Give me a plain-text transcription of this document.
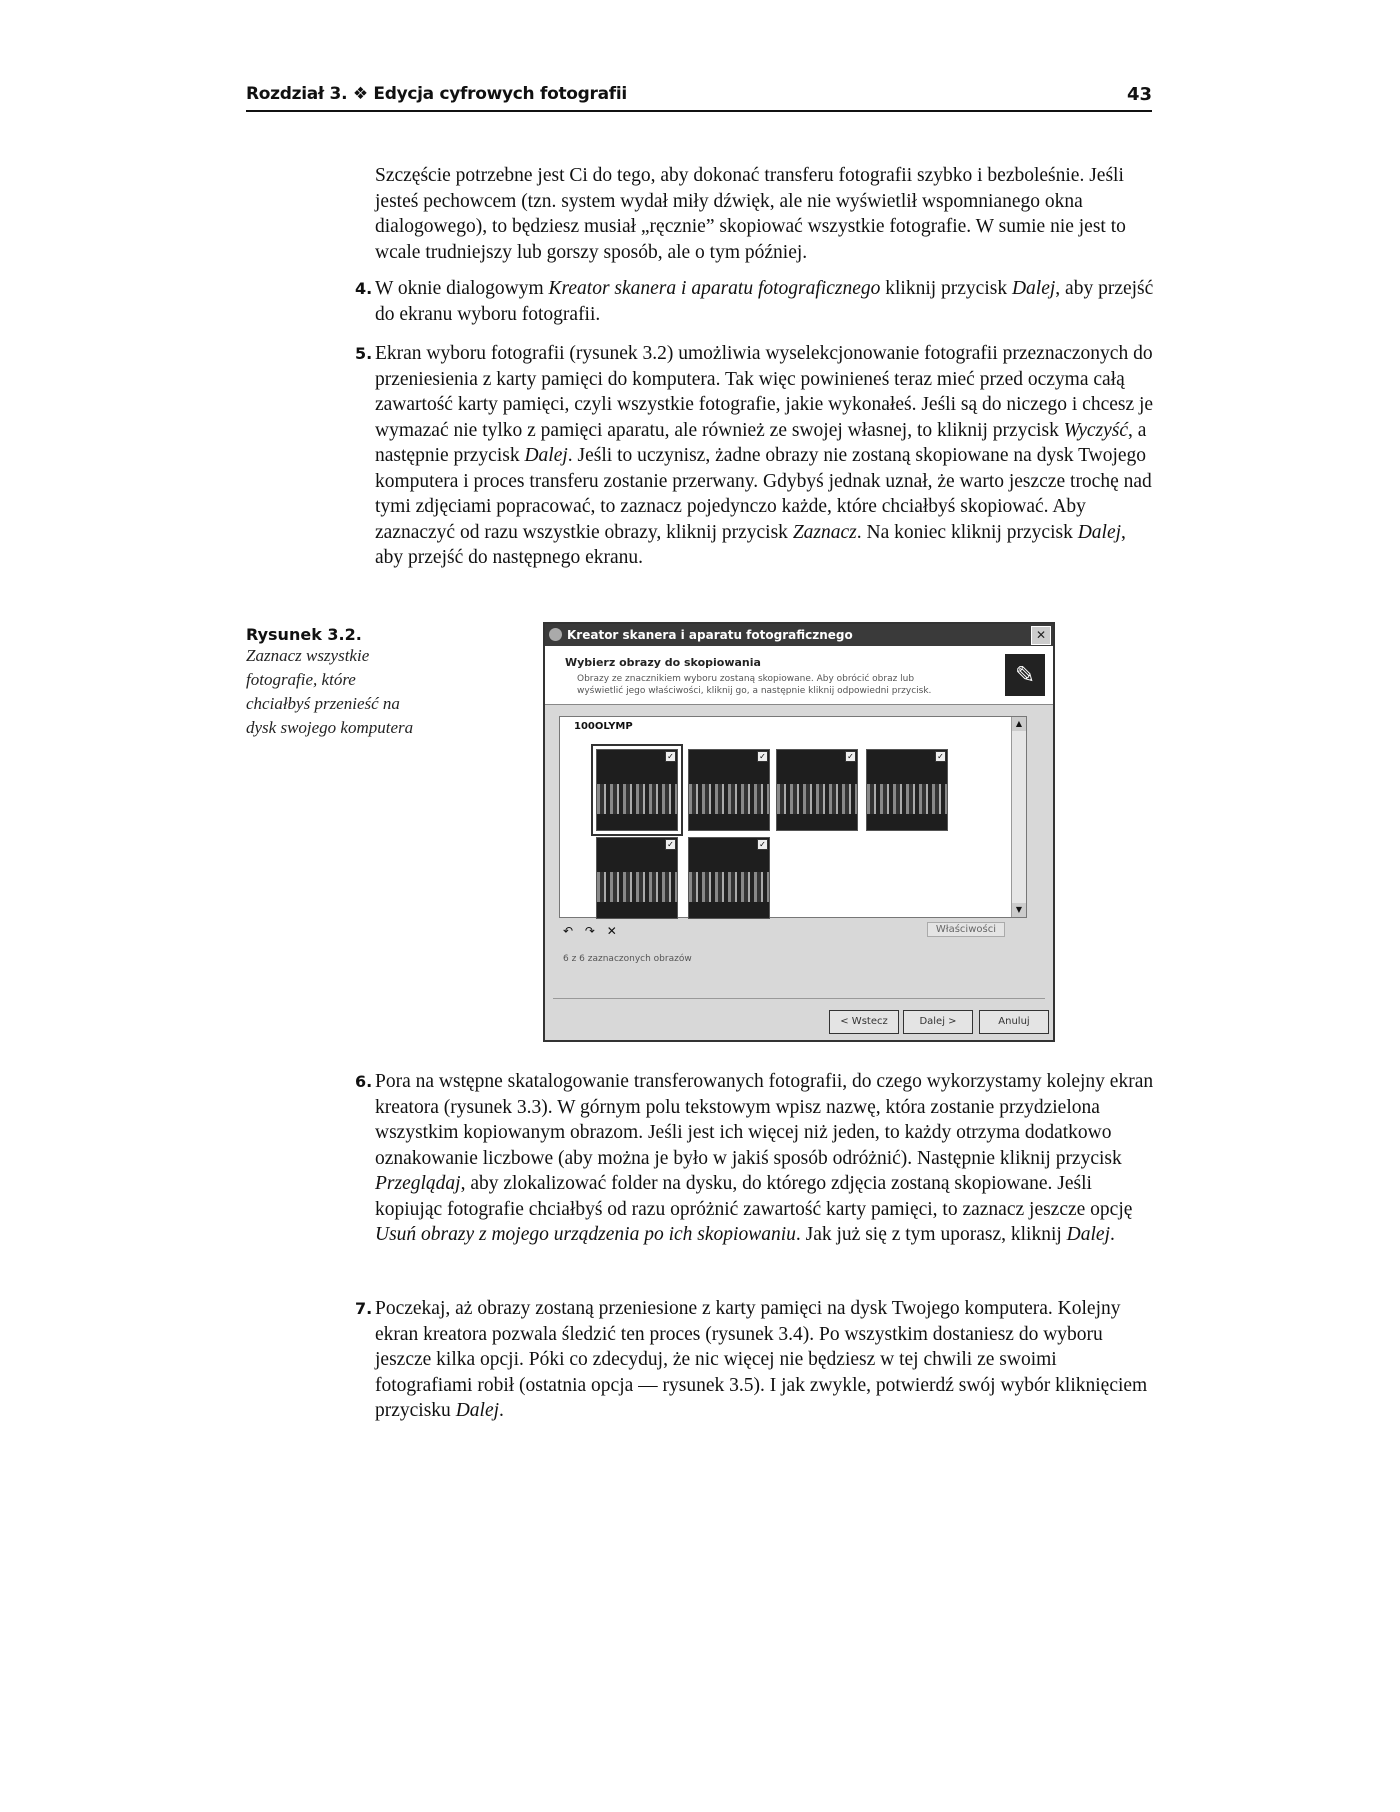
Rozdział 3. ❖ Edycja cyfrowych fotografii	43
Szczęście potrzebne jest Ci do tego, aby dokonać transferu fotografii szybko i bezboleśnie. Jeśli jesteś pechowcem (tzn. system wydał miły dźwięk, ale nie wyświetlił wspomnianego okna dialogowego), to będziesz musiał „ręcznie” skopiować wszystkie fotografie. W sumie nie jest to wcale trudniejszy lub gorszy sposób, ale o tym później.
4. W oknie dialogowym Kreator skanera i aparatu fotograficznego kliknij przycisk Dalej, aby przejść do ekranu wyboru fotografii.
5. Ekran wyboru fotografii (rysunek 3.2) umożliwia wyselekcjonowanie fotografii przeznaczonych do przeniesienia z karty pamięci do komputera. Tak więc powinieneś teraz mieć przed oczyma całą zawartość karty pamięci, czyli wszystkie fotografie, jakie wykonałeś. Jeśli są do niczego i chcesz je wymazać nie tylko z pamięci aparatu, ale również ze swojej własnej, to kliknij przycisk Wyczyść, a następnie przycisk Dalej. Jeśli to uczynisz, żadne obrazy nie zostaną skopiowane na dysk Twojego komputera i proces transferu zostanie przerwany. Gdybyś jednak uznał, że warto jeszcze trochę nad tymi zdjęciami popracować, to zaznacz pojedynczo każde, które chciałbyś skopiować. Aby zaznaczyć od razu wszystkie obrazy, kliknij przycisk Zaznacz. Na koniec kliknij przycisk Dalej, aby przejść do następnego ekranu.
Rysunek 3.2.
Zaznacz wszystkie fotografie, które chciałbyś przenieść na dysk swojego komputera
Kreator skanera i aparatu fotograficznego	✕
Wybierz obrazy do skopiowania
Obrazy ze znacznikiem wyboru zostaną skopiowane. Aby obrócić obraz lub wyświetlić jego właściwości, kliknij go, a następnie kliknij odpowiedni przycisk.
✎
100OLYMP
✓	✓	✓	✓
✓	✓
▲
▼
↶ ↷ ✕	Właściwości
6 z 6 zaznaczonych obrazów
< Wstecz	Dalej >	Anuluj
6. Pora na wstępne skatalogowanie transferowanych fotografii, do czego wykorzystamy kolejny ekran kreatora (rysunek 3.3). W górnym polu tekstowym wpisz nazwę, która zostanie przydzielona wszystkim kopiowanym obrazom. Jeśli jest ich więcej niż jeden, to każdy otrzyma dodatkowo oznakowanie liczbowe (aby można je było w jakiś sposób odróżnić). Następnie kliknij przycisk Przeglądaj, aby zlokalizować folder na dysku, do którego zdjęcia zostaną skopiowane. Jeśli kopiując fotografie chciałbyś od razu opróżnić zawartość karty pamięci, to zaznacz jeszcze opcję Usuń obrazy z mojego urządzenia po ich skopiowaniu. Jak już się z tym uporasz, kliknij Dalej.
7. Poczekaj, aż obrazy zostaną przeniesione z karty pamięci na dysk Twojego komputera. Kolejny ekran kreatora pozwala śledzić ten proces (rysunek 3.4). Po wszystkim dostaniesz do wyboru jeszcze kilka opcji. Póki co zdecyduj, że nic więcej nie będziesz w tej chwili ze swoimi fotografiami robił (ostatnia opcja — rysunek 3.5). I jak zwykle, potwierdź swój wybór kliknięciem przycisku Dalej.
